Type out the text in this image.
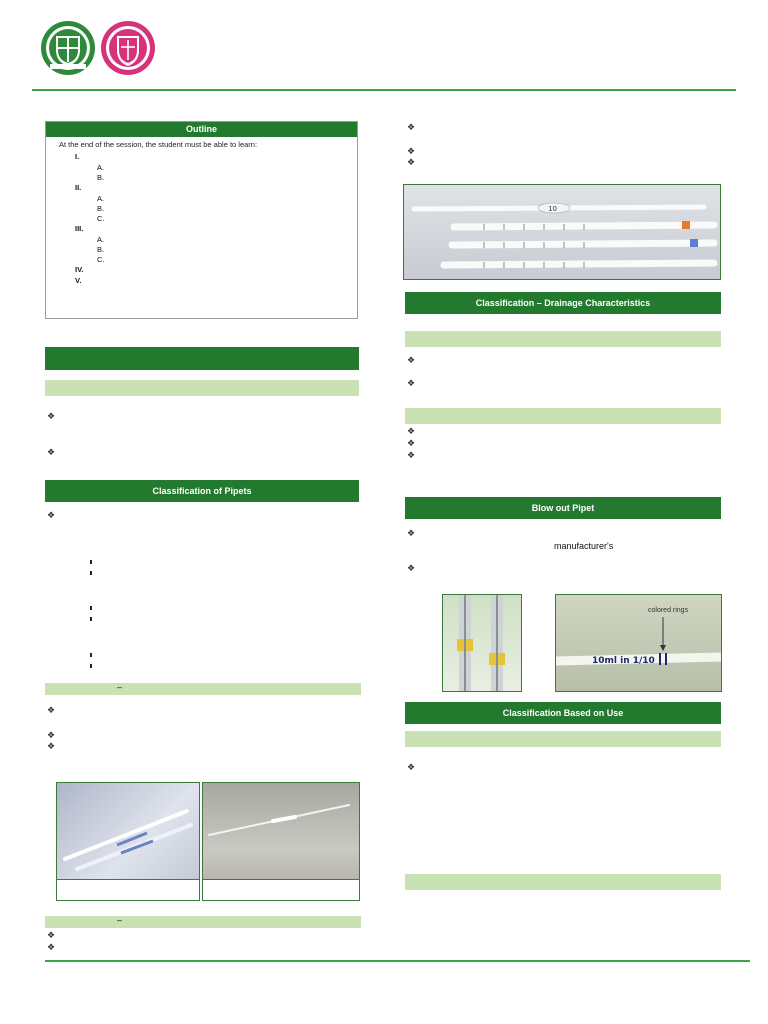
Outline
At the end of the session, the student must be able to learn:
I.
A.
B.
II.
A.
B.
C.
III.
A.
B.
C.
IV.
V.
❖
❖
Classification of Pipets
❖
–
❖
❖
❖
–
❖
❖
❖
❖
❖
10
Classification – Drainage Characteristics
❖
❖
❖
❖
❖
Blow out Pipet
❖
manufacturer's
❖
10ml in 1/10
colored rings
Classification Based on Use
❖
